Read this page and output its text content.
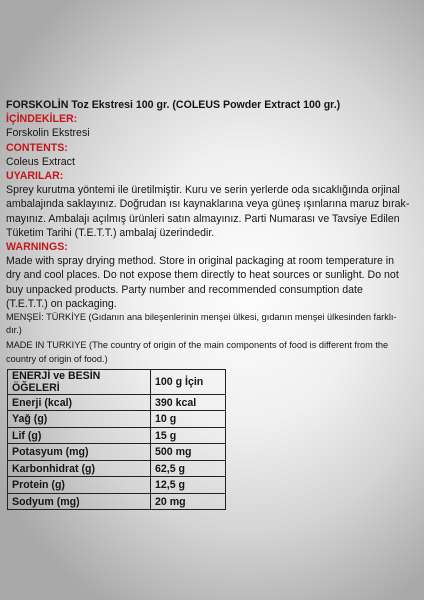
FORSKOLİN Toz Ekstresi 100 gr. (COLEUS Powder Extract 100 gr.)
İÇİNDEKİLER:
Forskolin Ekstresi
CONTENTS:
Coleus Extract
UYARILAR:
Sprey kurutma yöntemi ile üretilmiştir. Kuru ve serin yerlerde oda sıcaklığında orjinal
ambalajında saklayınız. Doğrudan ısı kaynaklarına veya güneş ışınlarına maruz bırak-
mayınız. Ambalajı açılmış ürünleri satın almayınız. Parti Numarası ve Tavsiye Edilen
Tüketim Tarihi (T.E.T.T.) ambalaj üzerindedir.
WARNINGS:
Made with spray drying method. Store in original packaging at room temperature in
dry and cool places. Do not expose them directly to heat sources or sunlight. Do not
buy unpacked products. Party number and recommended consumption date
(T.E.T.T.) on packaging.
MENŞEİ: TÜRKİYE (Gıdanın ana bileşenlerinin menşei ülkesi, gıdanın menşei ülkesinden farklı-
dır.)
MADE IN TURKIYE (The country of origin of the main components of food is different from the
country of origin of food.)
ENERJİ ve BESİN ÖĞELERİ	100 g İçin
Enerji (kcal)	390 kcal
Yağ (g)	10 g
Lif (g)	15 g
Potasyum (mg)	500 mg
Karbonhidrat (g)	62,5 g
Protein (g)	12,5 g
Sodyum (mg)	20 mg
